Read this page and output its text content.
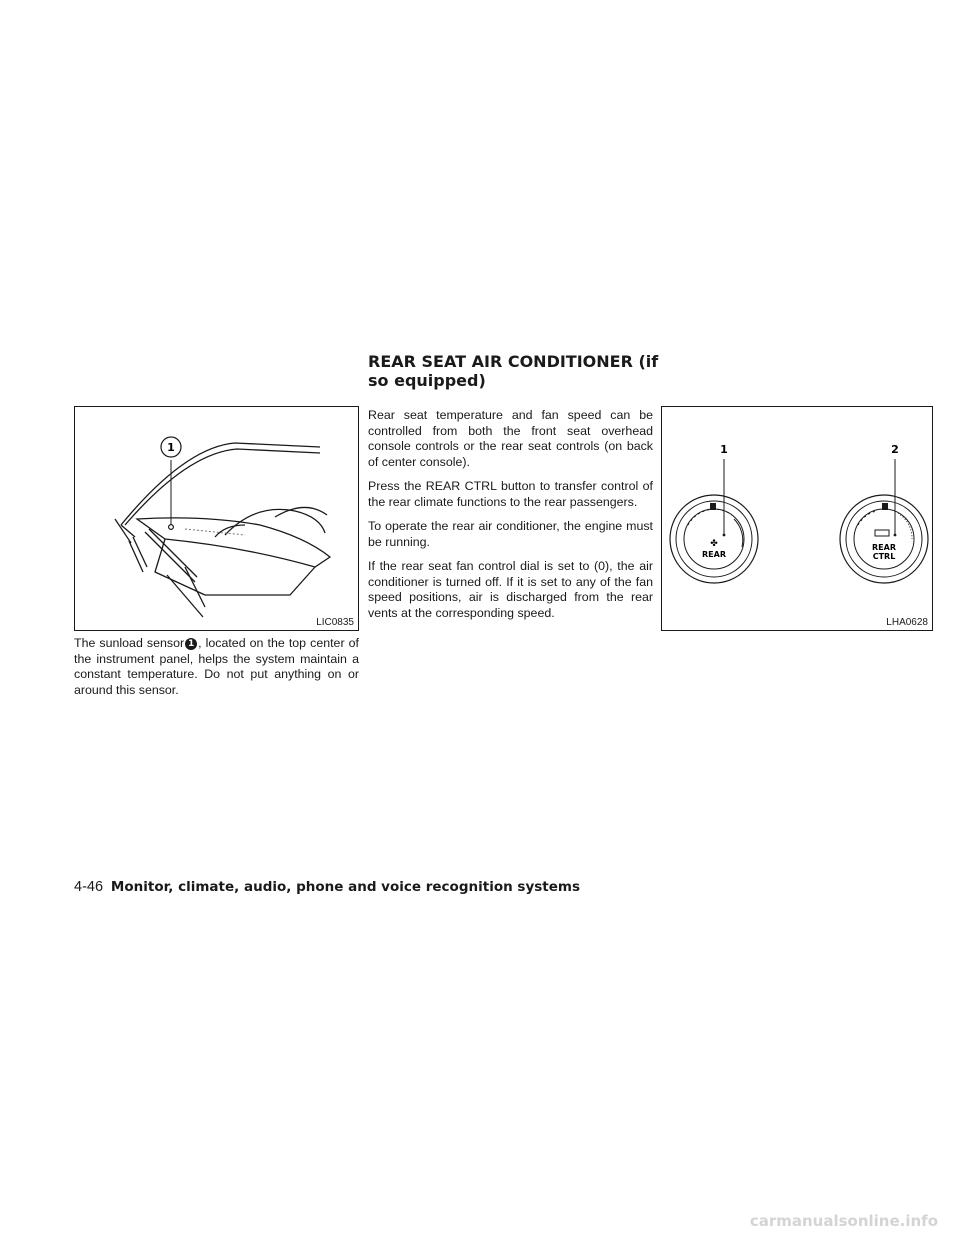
REAR SEAT AIR CONDITIONER (if so equipped)
1
LIC0835
1	2
✤
REAR
REAR
CTRL
LHA0628

The sunload sensor 1 , located on the top center of the instrument panel, helps the system maintain a constant temperature. Do not put anything on or around this sensor.

Rear seat temperature and fan speed can be controlled from both the front seat overhead console controls or the rear seat controls (on back of center console).

Press the REAR CTRL button to transfer control of the rear climate functions to the rear passengers.

To operate the rear air conditioner, the engine must be running.

If the rear seat fan control dial is set to (0), the air conditioner is turned off. If it is set to any of the fan speed positions, air is discharged from the rear vents at the corresponding speed.

4-46 Monitor, climate, audio, phone and voice recognition systems
carmanualsonline.info
